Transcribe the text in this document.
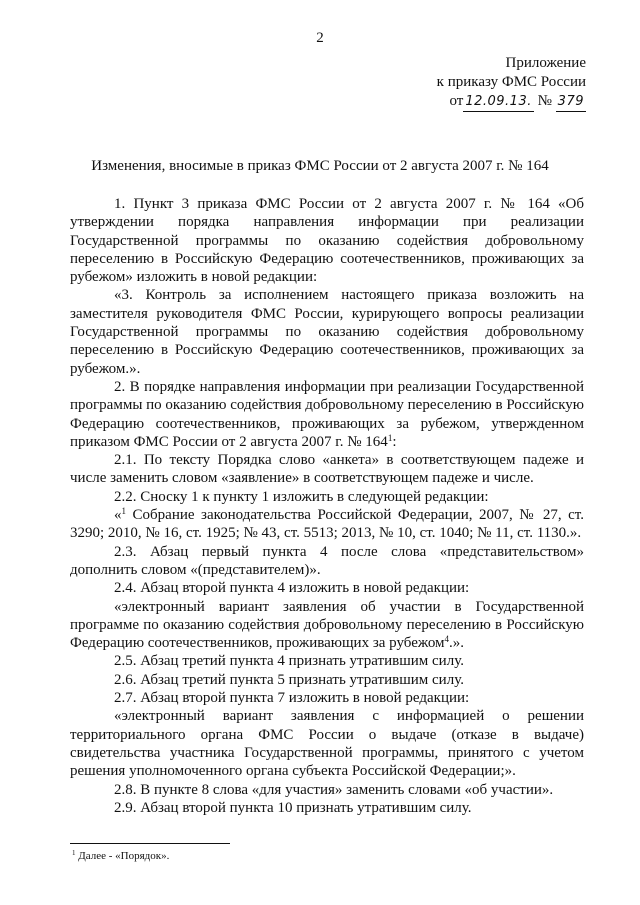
2
Приложение
к приказу ФМС России
от 12.09.13. № 379
Изменения, вносимые в приказ ФМС России от 2 августа 2007 г. № 164

1. Пункт 3 приказа ФМС России от 2 августа 2007 г. № 164 «Об утверждении порядка направления информации при реализации Государственной программы по оказанию содействия добровольному переселению в Российскую Федерацию соотечественников, проживающих за рубежом» изложить в новой редакции:

«3. Контроль за исполнением настоящего приказа возложить на заместителя руководителя ФМС России, курирующего вопросы реализации Государственной программы по оказанию содействия добровольному переселению в Российскую Федерацию соотечественников, проживающих за рубежом.».

2. В порядке направления информации при реализации Государственной программы по оказанию содействия добровольному переселению в Российскую Федерацию соотечественников, проживающих за рубежом, утвержденном приказом ФМС России от 2 августа 2007 г. № $164^1$:

2.1. По тексту Порядка слово «анкета» в соответствующем падеже и числе заменить словом «заявление» в соответствующем падеже и числе.

2.2. Сноску 1 к пункту 1 изложить в следующей редакции:

«$^1$ Собрание законодательства Российской Федерации, 2007, № 27, ст. 3290; 2010, № 16, ст. 1925; № 43, ст. 5513; 2013, № 10, ст. 1040; № 11, ст. 1130.».

2.3. Абзац первый пункта 4 после слова «представительством» дополнить словом «(представителем)».

2.4. Абзац второй пункта 4 изложить в новой редакции:

«электронный вариант заявления об участии в Государственной программе по оказанию содействия добровольному переселению в Российскую Федерацию соотечественников, проживающих за рубежом$^4$.».

2.5. Абзац третий пункта 4 признать утратившим силу.

2.6. Абзац третий пункта 5 признать утратившим силу.

2.7. Абзац второй пункта 7 изложить в новой редакции:

«электронный вариант заявления с информацией о решении территориального органа ФМС России о выдаче (отказе в выдаче) свидетельства участника Государственной программы, принятого с учетом решения уполномоченного органа субъекта Российской Федерации;».

2.8. В пункте 8 слова «для участия» заменить словами «об участии».

2.9. Абзац второй пункта 10 признать утратившим силу.

$^1$ Далее - «Порядок».
